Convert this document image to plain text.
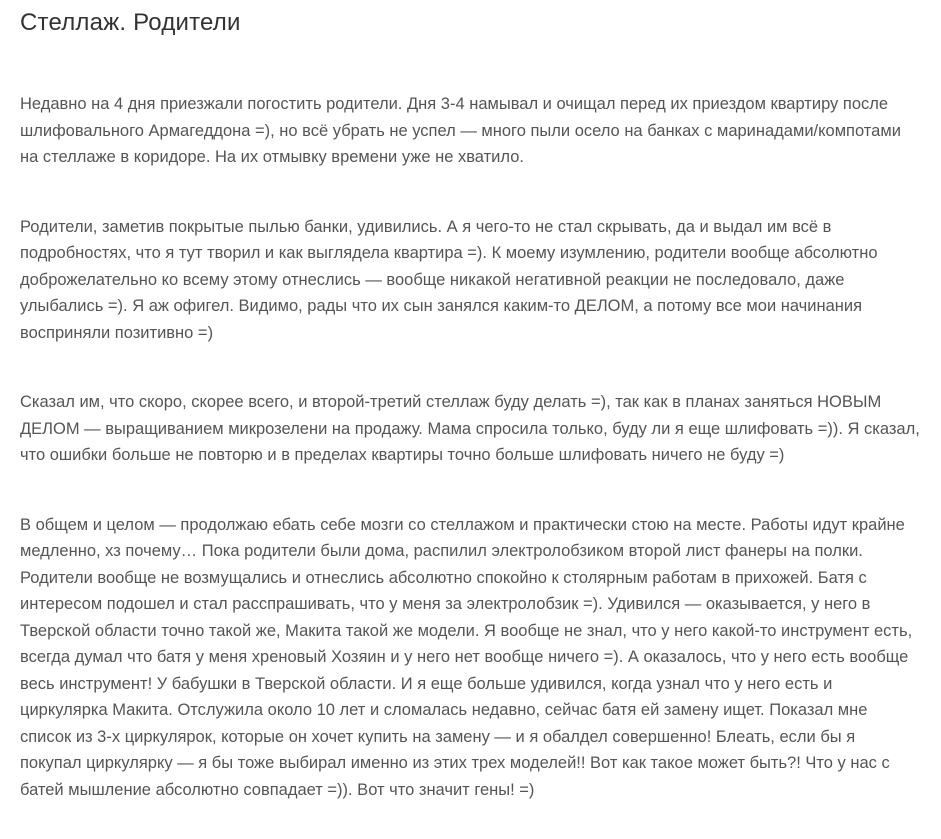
Стеллаж. Родители

Недавно на 4 дня приезжали погостить родители. Дня 3-4 намывал и очищал перед их приездом квартиру после шлифовального Армагеддона =), но всё убрать не успел — много пыли осело на банках с маринадами/компотами на стеллаже в коридоре. На их отмывку времени уже не хватило.

Родители, заметив покрытые пылью банки, удивились. А я чего-то не стал скрывать, да и выдал им всё в подробностях, что я тут творил и как выглядела квартира =). К моему изумлению, родители вообще абсолютно доброжелательно ко всему этому отнеслись — вообще никакой негативной реакции не последовало, даже улыбались =). Я аж офигел. Видимо, рады что их сын занялся каким-то ДЕЛОМ, а потому все мои начинания восприняли позитивно =)

Сказал им, что скоро, скорее всего, и второй-третий стеллаж буду делать =), так как в планах заняться НОВЫМ ДЕЛОМ — выращиванием микрозелени на продажу. Мама спросила только, буду ли я еще шлифовать =)). Я сказал, что ошибки больше не повторю и в пределах квартиры точно больше шлифовать ничего не буду =)

В общем и целом — продолжаю ебать себе мозги со стеллажом и практически стою на месте. Работы идут крайне медленно, хз почему… Пока родители были дома, распилил электролобзиком второй лист фанеры на полки. Родители вообще не возмущались и отнеслись абсолютно спокойно к столярным работам в прихожей. Батя с интересом подошел и стал расспрашивать, что у меня за электролобзик =). Удивился — оказывается, у него в Тверской области точно такой же, Макита такой же модели. Я вообще не знал, что у него какой-то инструмент есть, всегда думал что батя у меня хреновый Хозяин и у него нет вообще ничего =). А оказалось, что у него есть вообще весь инструмент! У бабушки в Тверской области. И я еще больше удивился, когда узнал что у него есть и циркулярка Макита. Отслужила около 10 лет и сломалась недавно, сейчас батя ей замену ищет. Показал мне список из 3-х циркулярок, которые он хочет купить на замену — и я обалдел совершенно! Блеать, если бы я покупал циркулярку — я бы тоже выбирал именно из этих трех моделей!! Вот как такое может быть?! Что у нас с батей мышление абсолютно совпадает =)). Вот что значит гены! =)
